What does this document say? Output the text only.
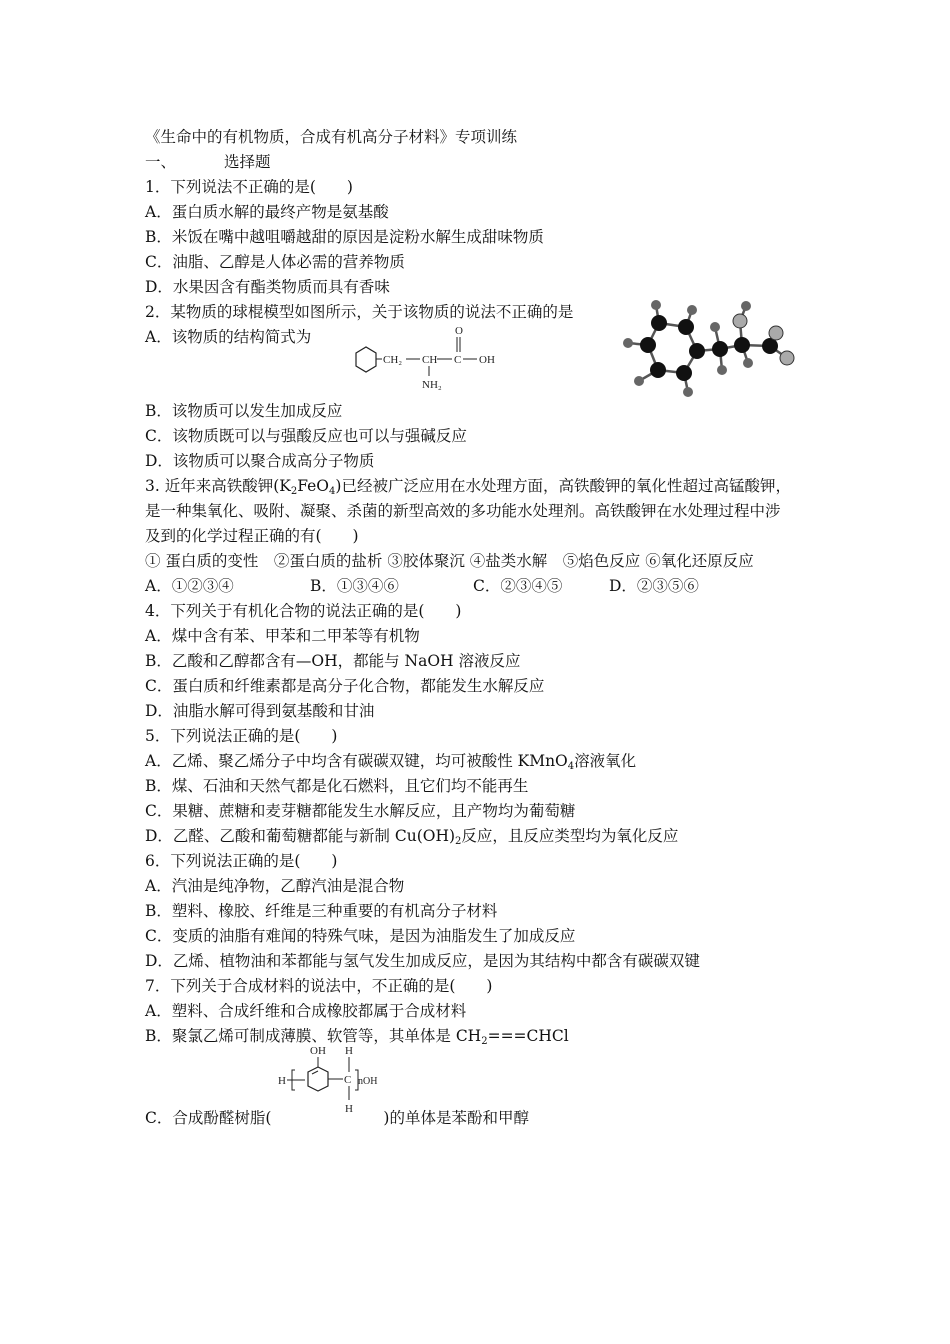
《生命中的有机物质，合成有机高分子材料》专项训练
一、	选择题
1．下列说法不正确的是(　　)
A．蛋白质水解的最终产物是氨基酸
B．米饭在嘴中越咀嚼越甜的原因是淀粉水解生成甜味物质
C．油脂、乙醇是人体必需的营养物质
D．水果因含有酯类物质而具有香味
2．某物质的球棍模型如图所示，关于该物质的说法不正确的是
A．该物质的结构简式为
CH₂ CH C
O
OH
NH₂
B．该物质可以发生加成反应
C．该物质既可以与强酸反应也可以与强碱反应
D．该物质可以聚合成高分子物质
3. 近年来高铁酸钾$(K_2FeO_4)$已经被广泛应用在水处理方面，高铁酸钾的氧化性超过高锰酸钾，
是一种集氧化、吸附、凝聚、杀菌的新型高效的多功能水处理剂。高铁酸钾在水处理过程中涉
及到的化学过程正确的有(　　)
① 蛋白质的变性　②蛋白质的盐析 ③胶体聚沉 ④盐类水解　⑤焰色反应 ⑥氧化还原反应
A．①②③④	B．①③④⑥	C．②③④⑤	D．②③⑤⑥
4．下列关于有机化合物的说法正确的是(　　)
A．煤中含有苯、甲苯和二甲苯等有机物
B．乙酸和乙醇都含有—OH，都能与 NaOH 溶液反应
C．蛋白质和纤维素都是高分子化合物，都能发生水解反应
D．油脂水解可得到氨基酸和甘油
5．下列说法正确的是(　　)
A．乙烯、聚乙烯分子中均含有碳碳双键，均可被酸性 KMnO$_4$溶液氧化
B．煤、石油和天然气都是化石燃料，且它们均不能再生
C．果糖、蔗糖和麦芽糖都能发生水解反应，且产物均为葡萄糖
D．乙醛、乙酸和葡萄糖都能与新制 $Cu(OH)_2$反应，且反应类型均为氧化反应
6．下列说法正确的是(　　)
A．汽油是纯净物，乙醇汽油是混合物
B．塑料、橡胶、纤维是三种重要的有机高分子材料
C．变质的油脂有难闻的特殊气味，是因为油脂发生了加成反应
D．乙烯、植物油和苯都能与氢气发生加成反应，是因为其结构中都含有碳碳双键
7．下列关于合成材料的说法中，不正确的是(　　)
A．塑料、合成纤维和合成橡胶都属于合成材料
B．聚氯乙烯可制成薄膜、软管等，其单体是 $CH_2===CHCl$
OH H
H	C nOH
H
C．合成酚醛树脂(	)的单体是苯酚和甲醇
